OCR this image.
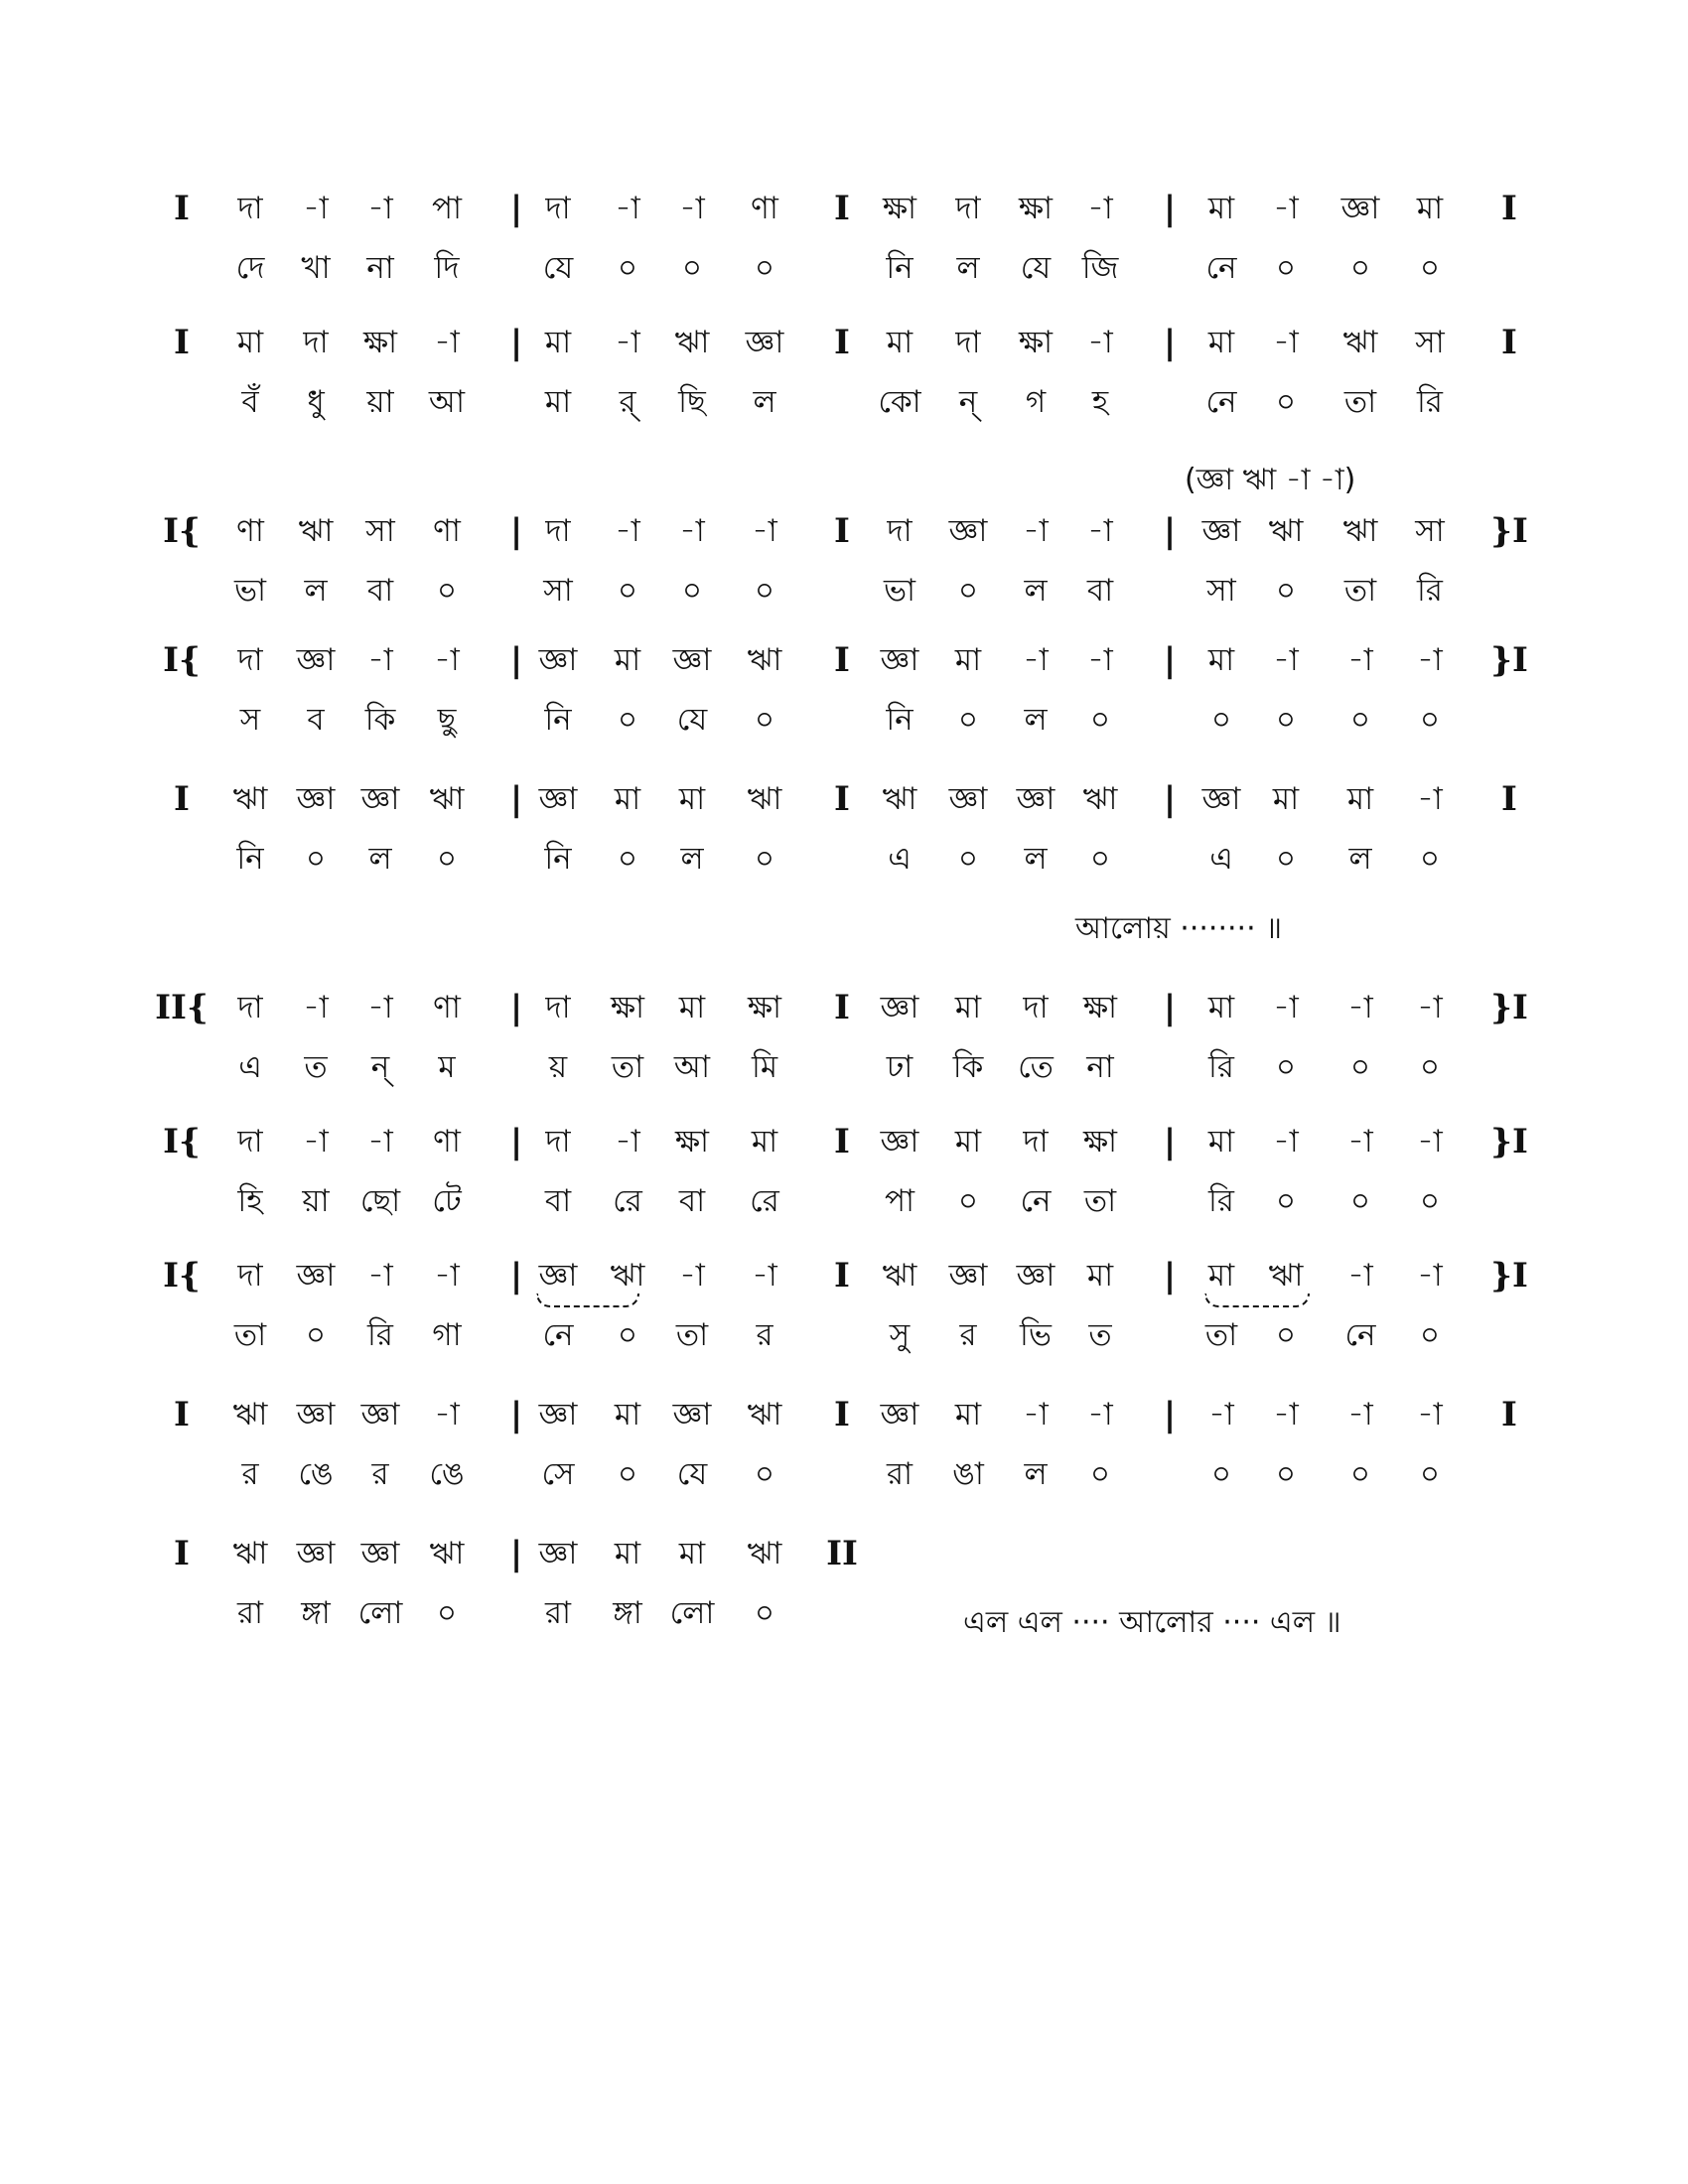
I দা -া -া পা | দা -া -া ণা I ক্ষা দা ক্ষা -া | মা -া জ্ঞা মা I
দে খা না দি	যে ০ ০ ০	নি ল যে জি	নে ০ ০ ০
I মা দা ক্ষা -া | মা -া ঋা জ্ঞা I মা দা ক্ষা -া | মা -া ঋা সা I
বঁ ধু য়া আ	মা র্ ছি ল	কো ন্ গ হ	নে ০ তা রি
I{ ণা ঋা সা ণা | দা -া -া -া I দা জ্ঞা -া -া | জ্ঞা ঋা ঋা সা }I
ভা ল বা ০	সা ০ ০ ০	ভা ০ ল বা	সা ০ তা রি
I{ দা জ্ঞা -া -া | জ্ঞা মা জ্ঞা ঋা I জ্ঞা মা -া -া | মা -া -া -া }I
স ব কি ছু	নি ০ যে ০	নি ০ ল ০	০ ০ ০ ০
I ঋা জ্ঞা জ্ঞা ঋা | জ্ঞা মা মা ঋা I ঋা জ্ঞা জ্ঞা ঋা | জ্ঞা মা মা -া I
নি ০ ল ০	নি ০ ল ০	এ ০ ল ০	এ ০ ল ০
II{ দা -া -া ণা | দা ক্ষা মা ক্ষা I জ্ঞা মা দা ক্ষা | মা -া -া -া }I
এ ত ন্ ম	য় তা আ মি	ঢা কি তে না	রি ০ ০ ০
I{ দা -া -া ণা | দা -া ক্ষা মা I জ্ঞা মা দা ক্ষা | মা -া -া -া }I
হি য়া ছো টে	বা রে বা রে	পা ০ নে তা	রি ০ ০ ০
I{ দা জ্ঞা -া -া | জ্ঞা ঋা -া -া I ঋা জ্ঞা জ্ঞা মা | মা ঋা -া -া }I
তা ০ রি গা	নে ০ তা র	সু র ভি ত	তা ০ নে ০
I ঋা জ্ঞা জ্ঞা -া | জ্ঞা মা জ্ঞা ঋা I জ্ঞা মা -া -া | -া -া -া -া I
র ঙে র ঙে	সে ০ যে ০	রা ঙা ল ০	০ ০ ০ ০
I ঋা জ্ঞা জ্ঞা ঋা | জ্ঞা মা মা ঋা II
রা ঙ্গা লো ০	রা ঙ্গা লো ০
(জ্ঞা ঋা -া -া)
আলোয় ········ ॥
এল এল ···· আলোর ···· এল ॥
